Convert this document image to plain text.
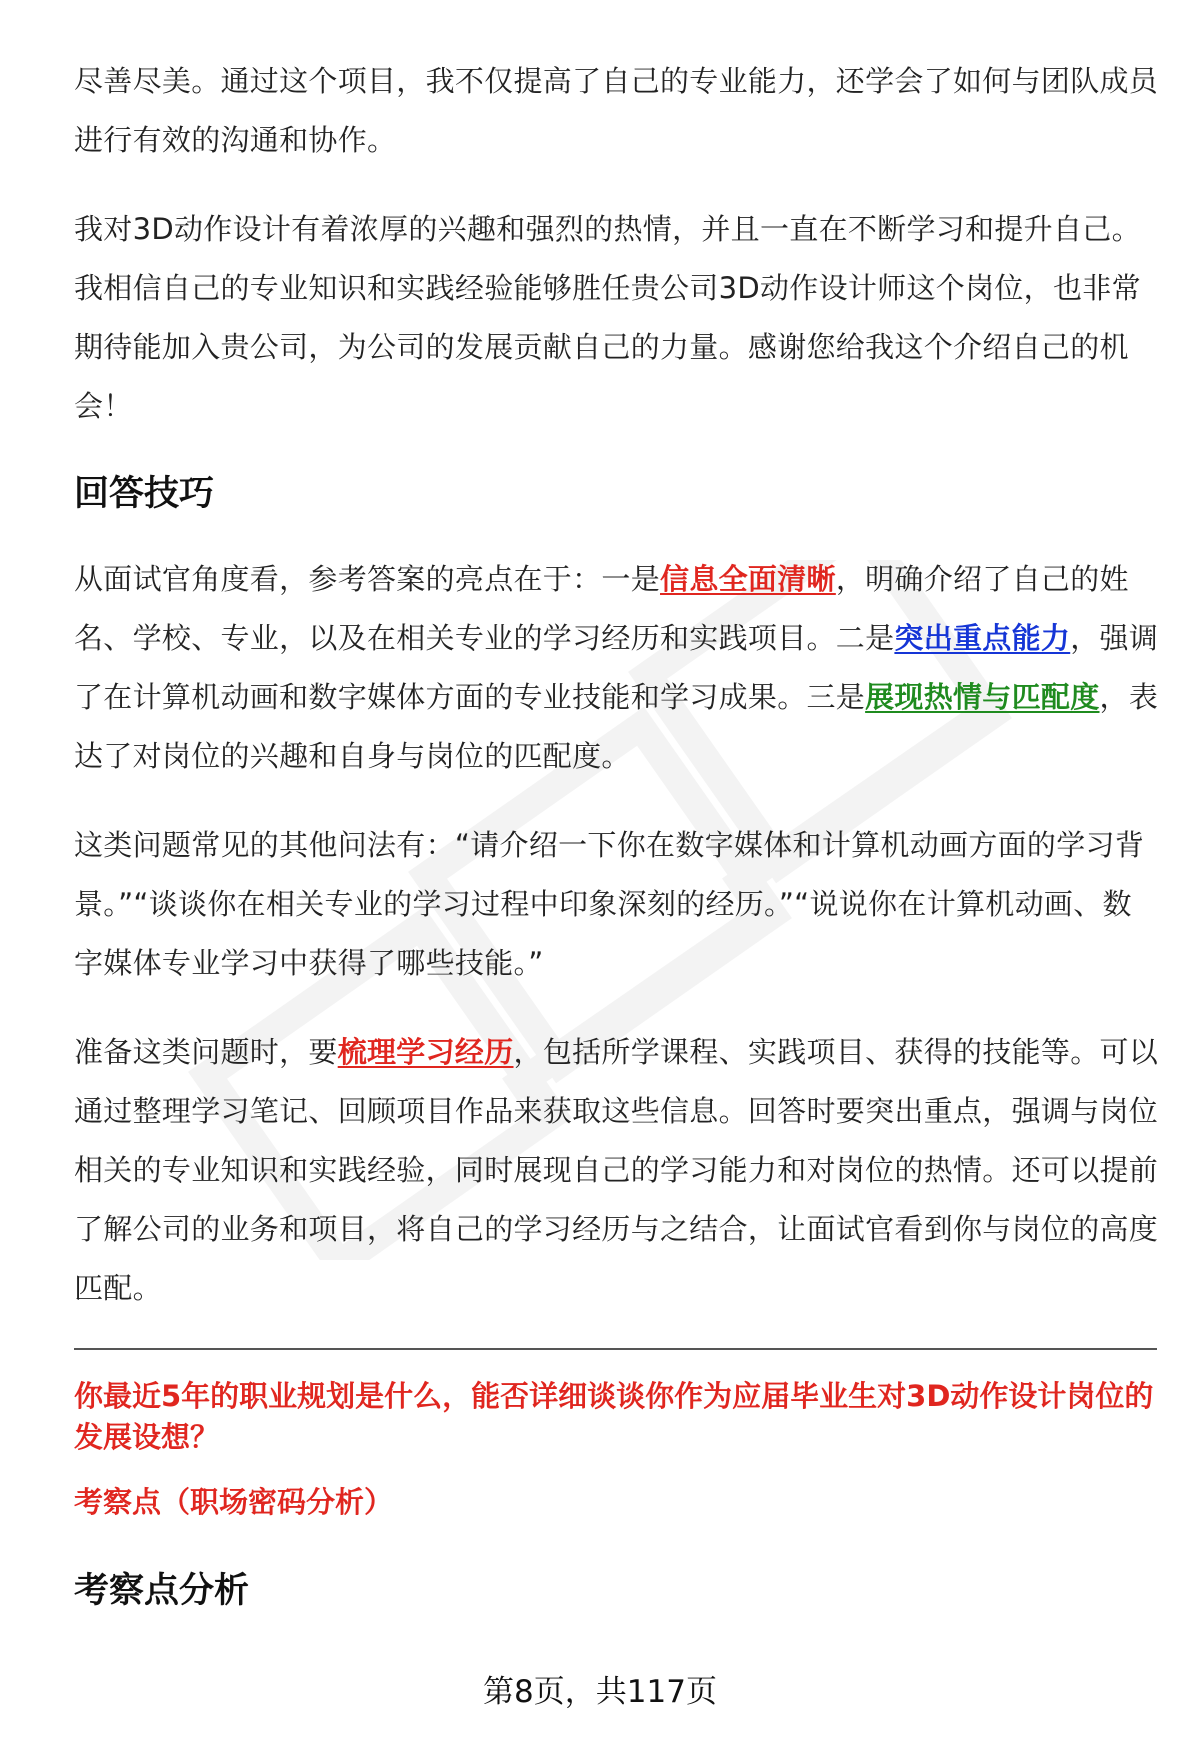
尽善尽美。通过这个项目，我不仅提高了自己的专业能力，还学会了如何与团队成员进行有效的沟通和协作。

我对3D动作设计有着浓厚的兴趣和强烈的热情，并且一直在不断学习和提升自己。我相信自己的专业知识和实践经验能够胜任贵公司3D动作设计师这个岗位，也非常期待能加入贵公司，为公司的发展贡献自己的力量。感谢您给我这个介绍自己的机会！

回答技巧

从面试官角度看，参考答案的亮点在于：一是信息全面清晰，明确介绍了自己的姓名、学校、专业，以及在相关专业的学习经历和实践项目。二是突出重点能力，强调了在计算机动画和数字媒体方面的专业技能和学习成果。三是展现热情与匹配度，表达了对岗位的兴趣和自身与岗位的匹配度。

这类问题常见的其他问法有：“请介绍一下你在数字媒体和计算机动画方面的学习背景。”“谈谈你在相关专业的学习过程中印象深刻的经历。”“说说你在计算机动画、数字媒体专业学习中获得了哪些技能。”

准备这类问题时，要梳理学习经历，包括所学课程、实践项目、获得的技能等。可以通过整理学习笔记、回顾项目作品来获取这些信息。回答时要突出重点，强调与岗位相关的专业知识和实践经验，同时展现自己的学习能力和对岗位的热情。还可以提前了解公司的业务和项目，将自己的学习经历与之结合，让面试官看到你与岗位的高度匹配。

你最近5年的职业规划是什么，能否详细谈谈你作为应届毕业生对3D动作设计岗位的发展设想？
考察点（职场密码分析）
考察点分析
第8页，共117页
